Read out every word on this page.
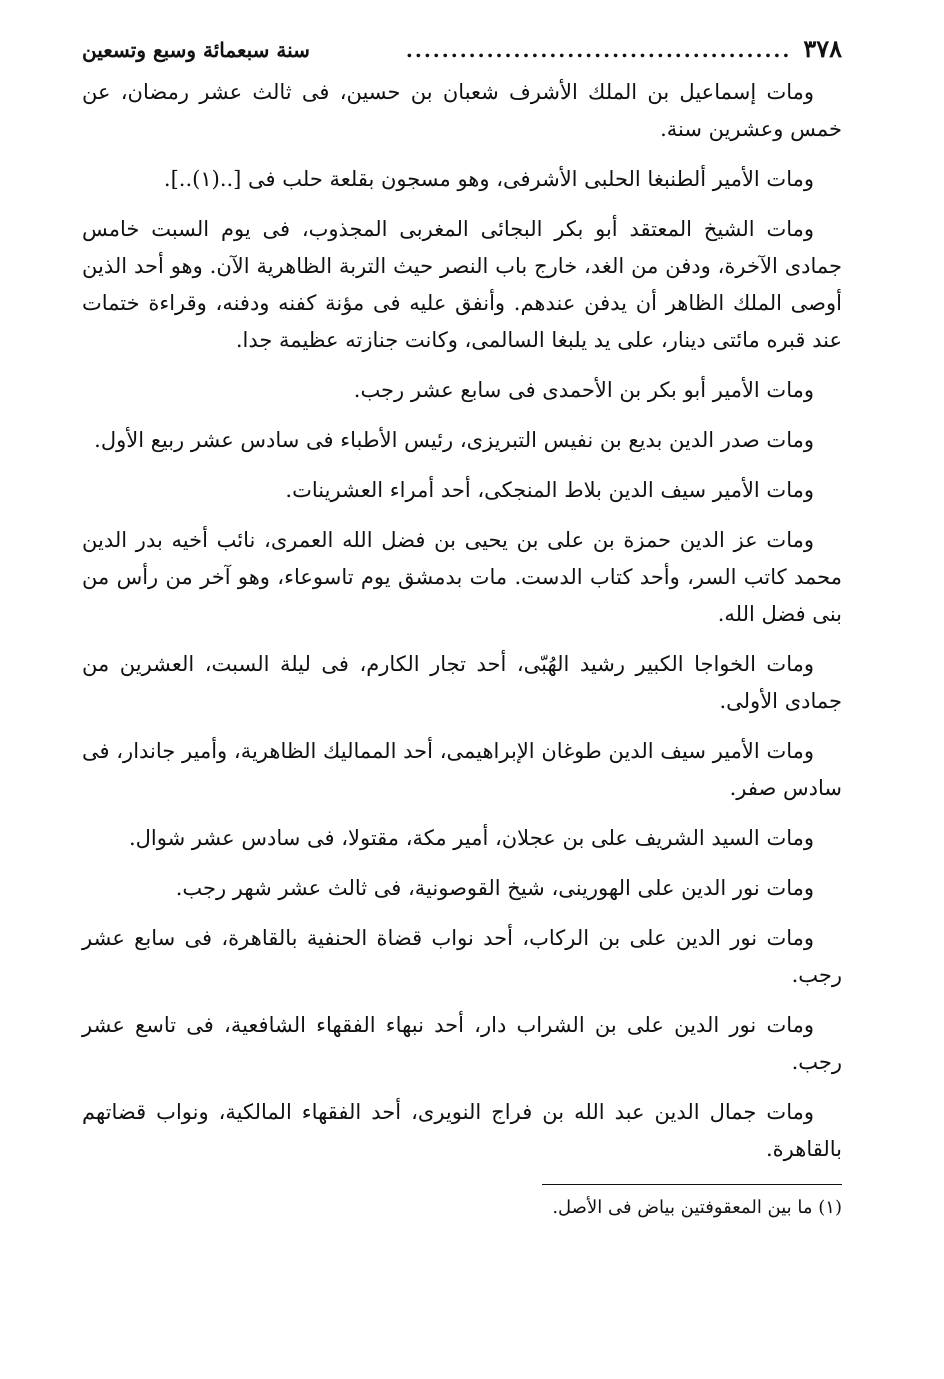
٣٧٨
...........................................
سنة سبعمائة وسبع وتسعين

ومات إسماعيل بن الملك الأشرف شعبان بن حسين، فى ثالث عشر رمضان، عن خمس وعشرين سنة.

ومات الأمير ألطنبغا الحلبى الأشرفى، وهو مسجون بقلعة حلب فى [..(١)..].

ومات الشيخ المعتقد أبو بكر البجائى المغربى المجذوب، فى يوم السبت خامس جمادى الآخرة، ودفن من الغد، خارج باب النصر حيث التربة الظاهرية الآن. وهو أحد الذين أوصى الملك الظاهر أن يدفن عندهم. وأنفق عليه فى مؤنة كفنه ودفنه، وقراءة ختمات عند قبره مائتى دينار، على يد يلبغا السالمى، وكانت جنازته عظيمة جدا.

ومات الأمير أبو بكر بن الأحمدى فى سابع عشر رجب.

ومات صدر الدين بديع بن نفيس التبريزى، رئيس الأطباء فى سادس عشر ربيع الأول.

ومات الأمير سيف الدين بلاط المنجكى، أحد أمراء العشرينات.

ومات عز الدين حمزة بن على بن يحيى بن فضل الله العمرى، نائب أخيه بدر الدين محمد كاتب السر، وأحد كتاب الدست. مات بدمشق يوم تاسوعاء، وهو آخر من رأس من بنى فضل الله.

ومات الخواجا الكبير رشيد الهُبّى، أحد تجار الكارم، فى ليلة السبت، العشرين من جمادى الأولى.

ومات الأمير سيف الدين طوغان الإبراهيمى، أحد المماليك الظاهرية، وأمير جاندار، فى سادس صفر.

ومات السيد الشريف على بن عجلان، أمير مكة، مقتولا، فى سادس عشر شوال.

ومات نور الدين على الهورينى، شيخ القوصونية، فى ثالث عشر شهر رجب.

ومات نور الدين على بن الركاب، أحد نواب قضاة الحنفية بالقاهرة، فى سابع عشر رجب.

ومات نور الدين على بن الشراب دار، أحد نبهاء الفقهاء الشافعية، فى تاسع عشر رجب.

ومات جمال الدين عبد الله بن فراج النويرى، أحد الفقهاء المالكية، ونواب قضاتهم بالقاهرة.

(١) ما بين المعقوفتين بياض فى الأصل.
